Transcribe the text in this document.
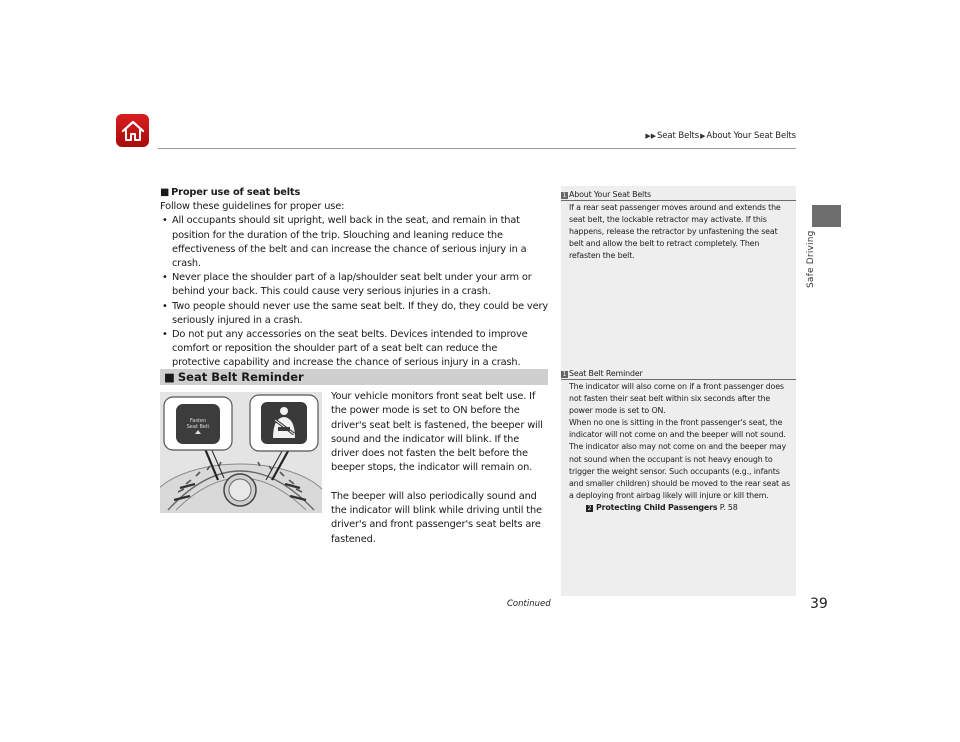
▶▶Seat Belts▶About Your Seat Belts
Safe Driving
■ Proper use of seat belts
Follow these guidelines for proper use:
• All occupants should sit upright, well back in the seat, and remain in that position for the duration of the trip. Slouching and leaning reduce the effectiveness of the belt and can increase the chance of serious injury in a crash.
• Never place the shoulder part of a lap/shoulder seat belt under your arm or behind your back. This could cause very serious injuries in a crash.
• Two people should never use the same seat belt. If they do, they could be very seriously injured in a crash.
• Do not put any accessories on the seat belts. Devices intended to improve comfort or reposition the shoulder part of a seat belt can reduce the protective capability and increase the chance of serious injury in a crash.
■ Seat Belt Reminder
Fasten
Seat Belt

Your vehicle monitors front seat belt use. If the power mode is set to ON before the driver's seat belt is fastened, the beeper will sound and the indicator will blink. If the driver does not fasten the belt before the beeper stops, the indicator will remain on.

The beeper will also periodically sound and the indicator will blink while driving until the driver's and front passenger's seat belts are fastened.

1 About Your Seat Belts
If a rear seat passenger moves around and extends the seat belt, the lockable retractor may activate. If this happens, release the retractor by unfastening the seat belt and allow the belt to retract completely. Then refasten the belt.
1 Seat Belt Reminder
The indicator will also come on if a front passenger does not fasten their seat belt within six seconds after the power mode is set to ON.
When no one is sitting in the front passenger's seat, the indicator will not come on and the beeper will not sound. The indicator also may not come on and the beeper may not sound when the occupant is not heavy enough to trigger the weight sensor. Such occupants (e.g., infants and smaller children) should be moved to the rear seat as a deploying front airbag likely will injure or kill them.
2 Protecting Child Passengers P. 58
Continued	39
